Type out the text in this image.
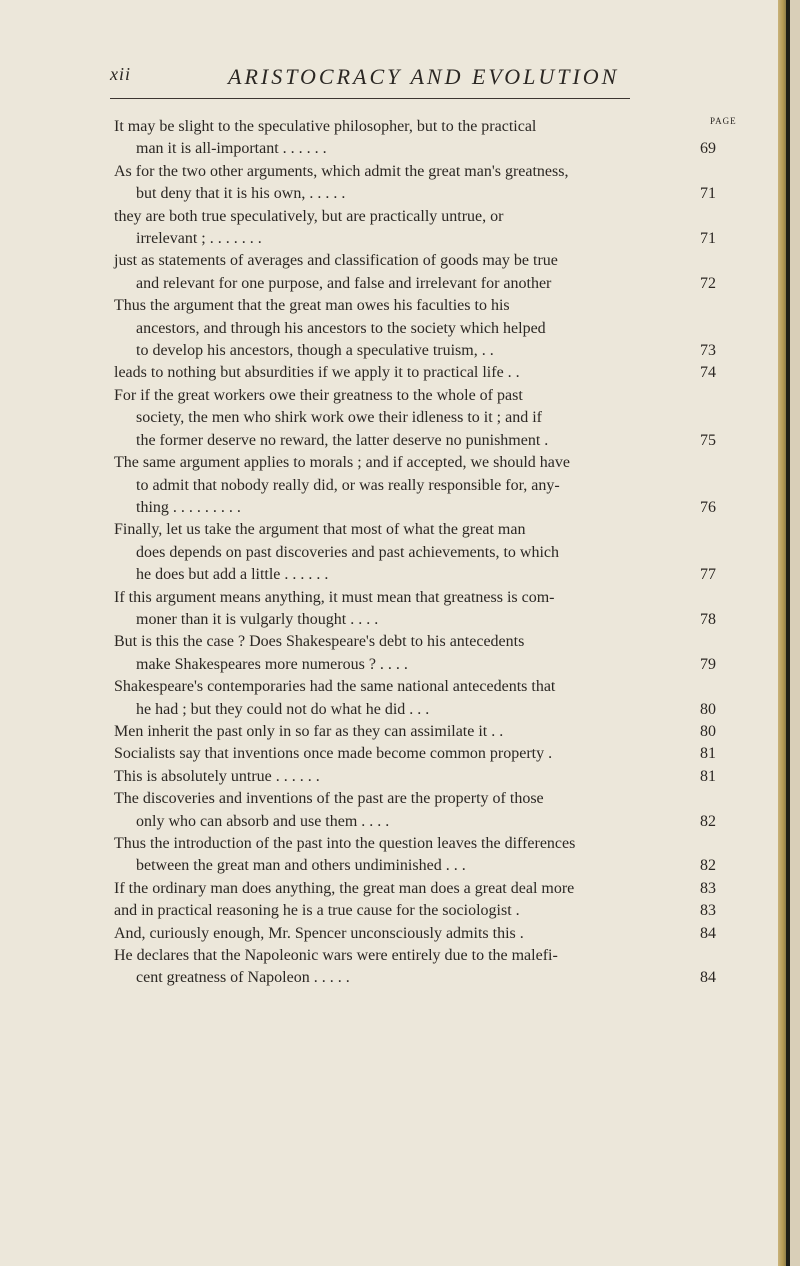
xii	ARISTOCRACY AND EVOLUTION
PAGE
It may be slight to the speculative philosopher, but to the practical
man it is all-important . . . . . .	69
As for the two other arguments, which admit the great man's greatness,
but deny that it is his own, . . . . .	71
they are both true speculatively, but are practically untrue, or
irrelevant ; . . . . . . .	71
just as statements of averages and classification of goods may be true
and relevant for one purpose, and false and irrelevant for another	72
Thus the argument that the great man owes his faculties to his
ancestors, and through his ancestors to the society which helped
to develop his ancestors, though a speculative truism, . .	73
leads to nothing but absurdities if we apply it to practical life . .	74
For if the great workers owe their greatness to the whole of past
society, the men who shirk work owe their idleness to it ; and if
the former deserve no reward, the latter deserve no punishment .	75
The same argument applies to morals ; and if accepted, we should have
to admit that nobody really did, or was really responsible for, any-
thing . . . . . . . . .	76
Finally, let us take the argument that most of what the great man
does depends on past discoveries and past achievements, to which
he does but add a little . . . . . .	77
If this argument means anything, it must mean that greatness is com-
moner than it is vulgarly thought . . . .	78
But is this the case ? Does Shakespeare's debt to his antecedents
make Shakespeares more numerous ? . . . .	79
Shakespeare's contemporaries had the same national antecedents that
he had ; but they could not do what he did . . .	80
Men inherit the past only in so far as they can assimilate it . .	80
Socialists say that inventions once made become common property .	81
This is absolutely untrue . . . . . .	81
The discoveries and inventions of the past are the property of those
only who can absorb and use them . . . .	82
Thus the introduction of the past into the question leaves the differences
between the great man and others undiminished . . .	82
If the ordinary man does anything, the great man does a great deal more	83
and in practical reasoning he is a true cause for the sociologist .	83
And, curiously enough, Mr. Spencer unconsciously admits this .	84
He declares that the Napoleonic wars were entirely due to the malefi-
cent greatness of Napoleon . . . . .	84
